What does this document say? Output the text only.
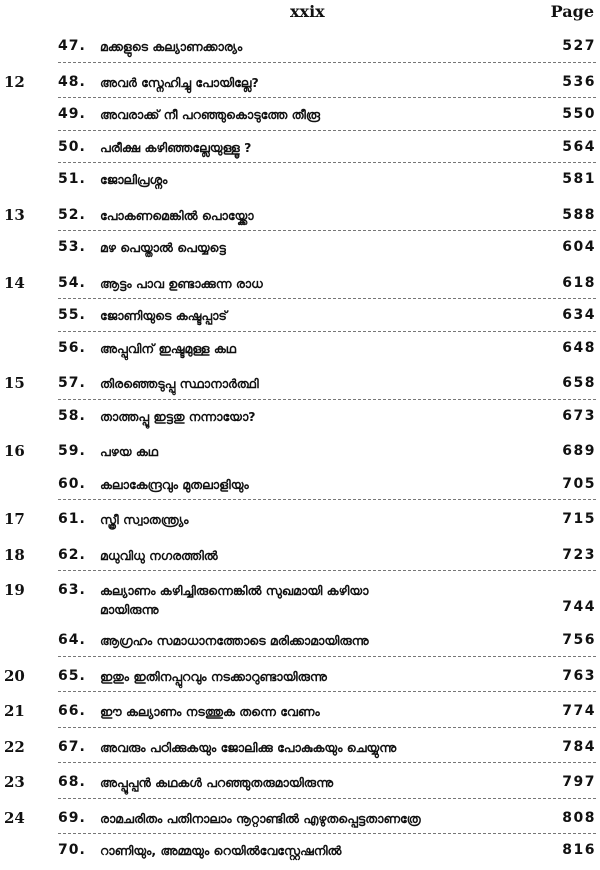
xxix	Page
47. മക്കളുടെ കല്യാണക്കാര്യം	527
12 48. അവർ സ്നേഹിച്ചു പോയില്ലേ?	536
49. അവരാക്ക് നീ പറഞ്ഞുകൊടുത്തേ തീരൂ	550
50. പരീക്ഷ കഴിഞ്ഞല്ലേയുള്ളൂ ?	564
51. ജോലിപ്രശ്നം	581
13 52. പോകണമെങ്കിൽ പൊയ്ക്കോ	588
53. മഴ പെയ്താൽ പെയ്യട്ടെ	604
14 54. ആട്ടം പാവ ഉണ്ടാക്കുന്ന രാധ	618
55. ജോണിയുടെ കഷ്ടപ്പാട്	634
56. അപ്പുവിന് ഇഷ്ടമുള്ള കഥ	648
15 57. തിരഞ്ഞെടുപ്പു സ്ഥാനാർത്ഥി	658
58. താത്തപ്പൂ ഇട്ടതു നന്നായോ?	673
16 59. പഴയ കഥ	689
60. കലാകേന്ദ്രവും മുതലാളിയും	705
17 61. സ്ത്രീ സ്വാതന്ത്ര്യം	715
18 62. മധുവിധു നഗരത്തിൽ	723
19 63. കല്യാണം കഴിച്ചിരുന്നെങ്കിൽ സുഖമായി കഴിയാ
മായിരുന്നു	744
64. ആഗ്രഹം സമാധാനത്തോടെ മരിക്കാമായിരുന്നു	756
20 65. ഇതും ഇതിനപ്പുറവും നടക്കാറുണ്ടായിരുന്നു	763
21 66. ഈ കല്യാണം നടത്തുക തന്നെ വേണം	774
22 67. അവരും പഠിക്കുകയും ജോലിക്കു പോകുകയും ചെയ്യുന്നു	784
23 68. അപ്പൂപ്പൻ കഥകൾ പറഞ്ഞുതരുമായിരുന്നു	797
24 69. രാമചരിതം പതിനാലാം നൂറ്റാണ്ടിൽ എഴുതപ്പെട്ടതാണത്രേ	808
70. റാണിയും, അമ്മയും റെയിൽവേസ്റ്റേഷനിൽ	816
